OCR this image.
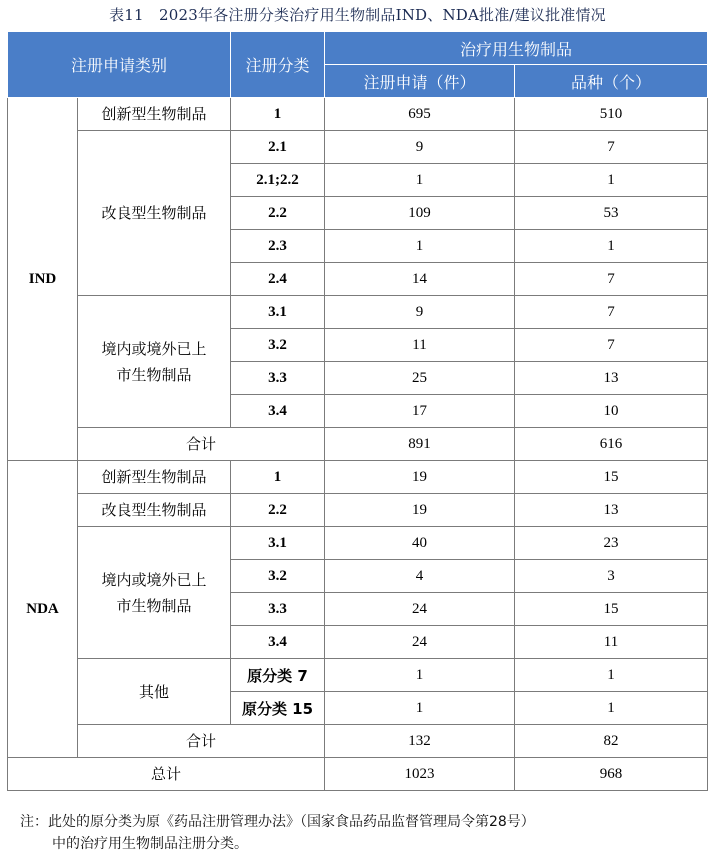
表11　2023年各注册分类治疗用生物制品IND、NDA批准/建议批准情况
注册申请类别		注册分类	治疗用生物制品	
			注册申请（件）	品种（个）
IND	创新型生物制品	1	695	510
	改良型生物制品	2.1	9	7
		2.1;2.2	1	1
		2.2	109	53
		2.3	1	1
		2.4	14	7
	境内或境外已上
市生物制品	3.1	9	7
		3.2	11	7
		3.3	25	13
		3.4	17	10
	合计		891	616
NDA	创新型生物制品	1	19	15
	改良型生物制品	2.2	19	13
	境内或境外已上
市生物制品	3.1	40	23
		3.2	4	3
		3.3	24	15
		3.4	24	11
	其他	原分类 7	1	1
		原分类 15	1	1
	合计		132	82
总计			1023	968
注：此处的原分类为原《药品注册管理办法》（国家食品药品监督管理局令第28号）
中的治疗用生物制品注册分类。
